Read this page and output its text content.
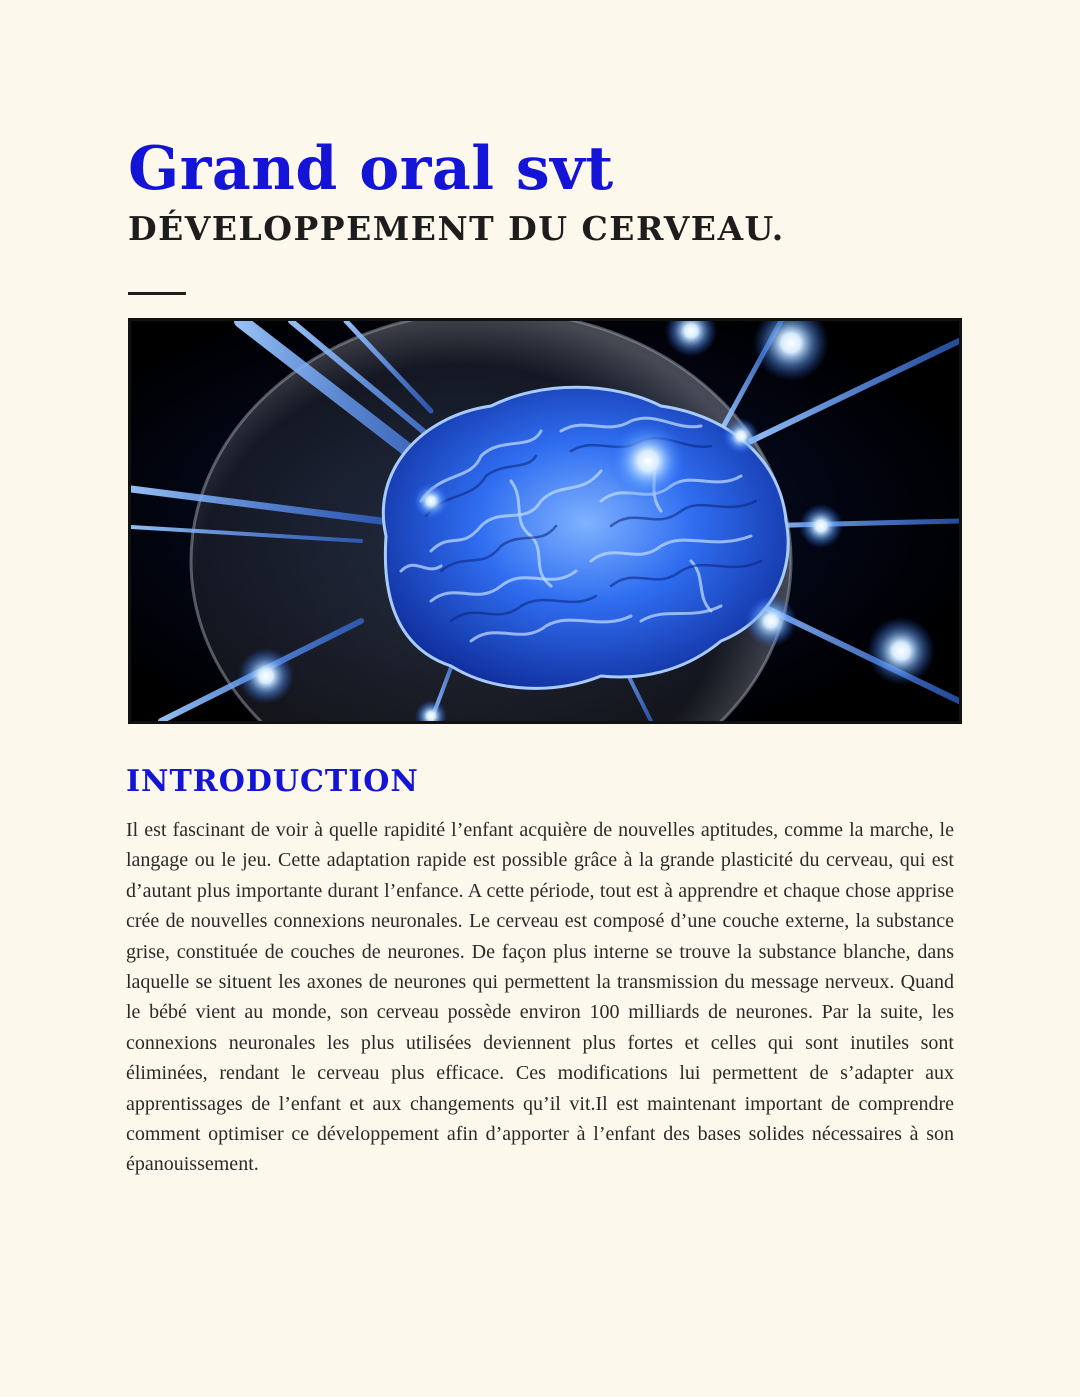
Grand oral svt
DÉVELOPPEMENT DU CERVEAU.
INTRODUCTION

Il est fascinant de voir à quelle rapidité l’enfant acquière de nouvelles aptitudes, comme la marche, le langage ou le jeu. Cette adaptation rapide est possible grâce à la grande plasticité du cerveau, qui est d’autant plus importante durant l’enfance. A cette période, tout est à apprendre et chaque chose apprise crée de nouvelles connexions neuronales. Le cerveau est composé d’une couche externe, la substance grise, constituée de couches de neurones. De façon plus interne se trouve la substance blanche, dans laquelle se situent les axones de neurones qui permettent la transmission du message nerveux. Quand le bébé vient au monde, son cerveau possède environ 100 milliards de neurones. Par la suite, les connexions neuronales les plus utilisées deviennent plus fortes et celles qui sont inutiles sont éliminées, rendant le cerveau plus efficace. Ces modifications lui permettent de s’adapter aux apprentissages de l’enfant et aux changements qu’il vit.Il est maintenant important de comprendre comment optimiser ce développement afin d’apporter à l’enfant des bases solides nécessaires à son épanouissement.
